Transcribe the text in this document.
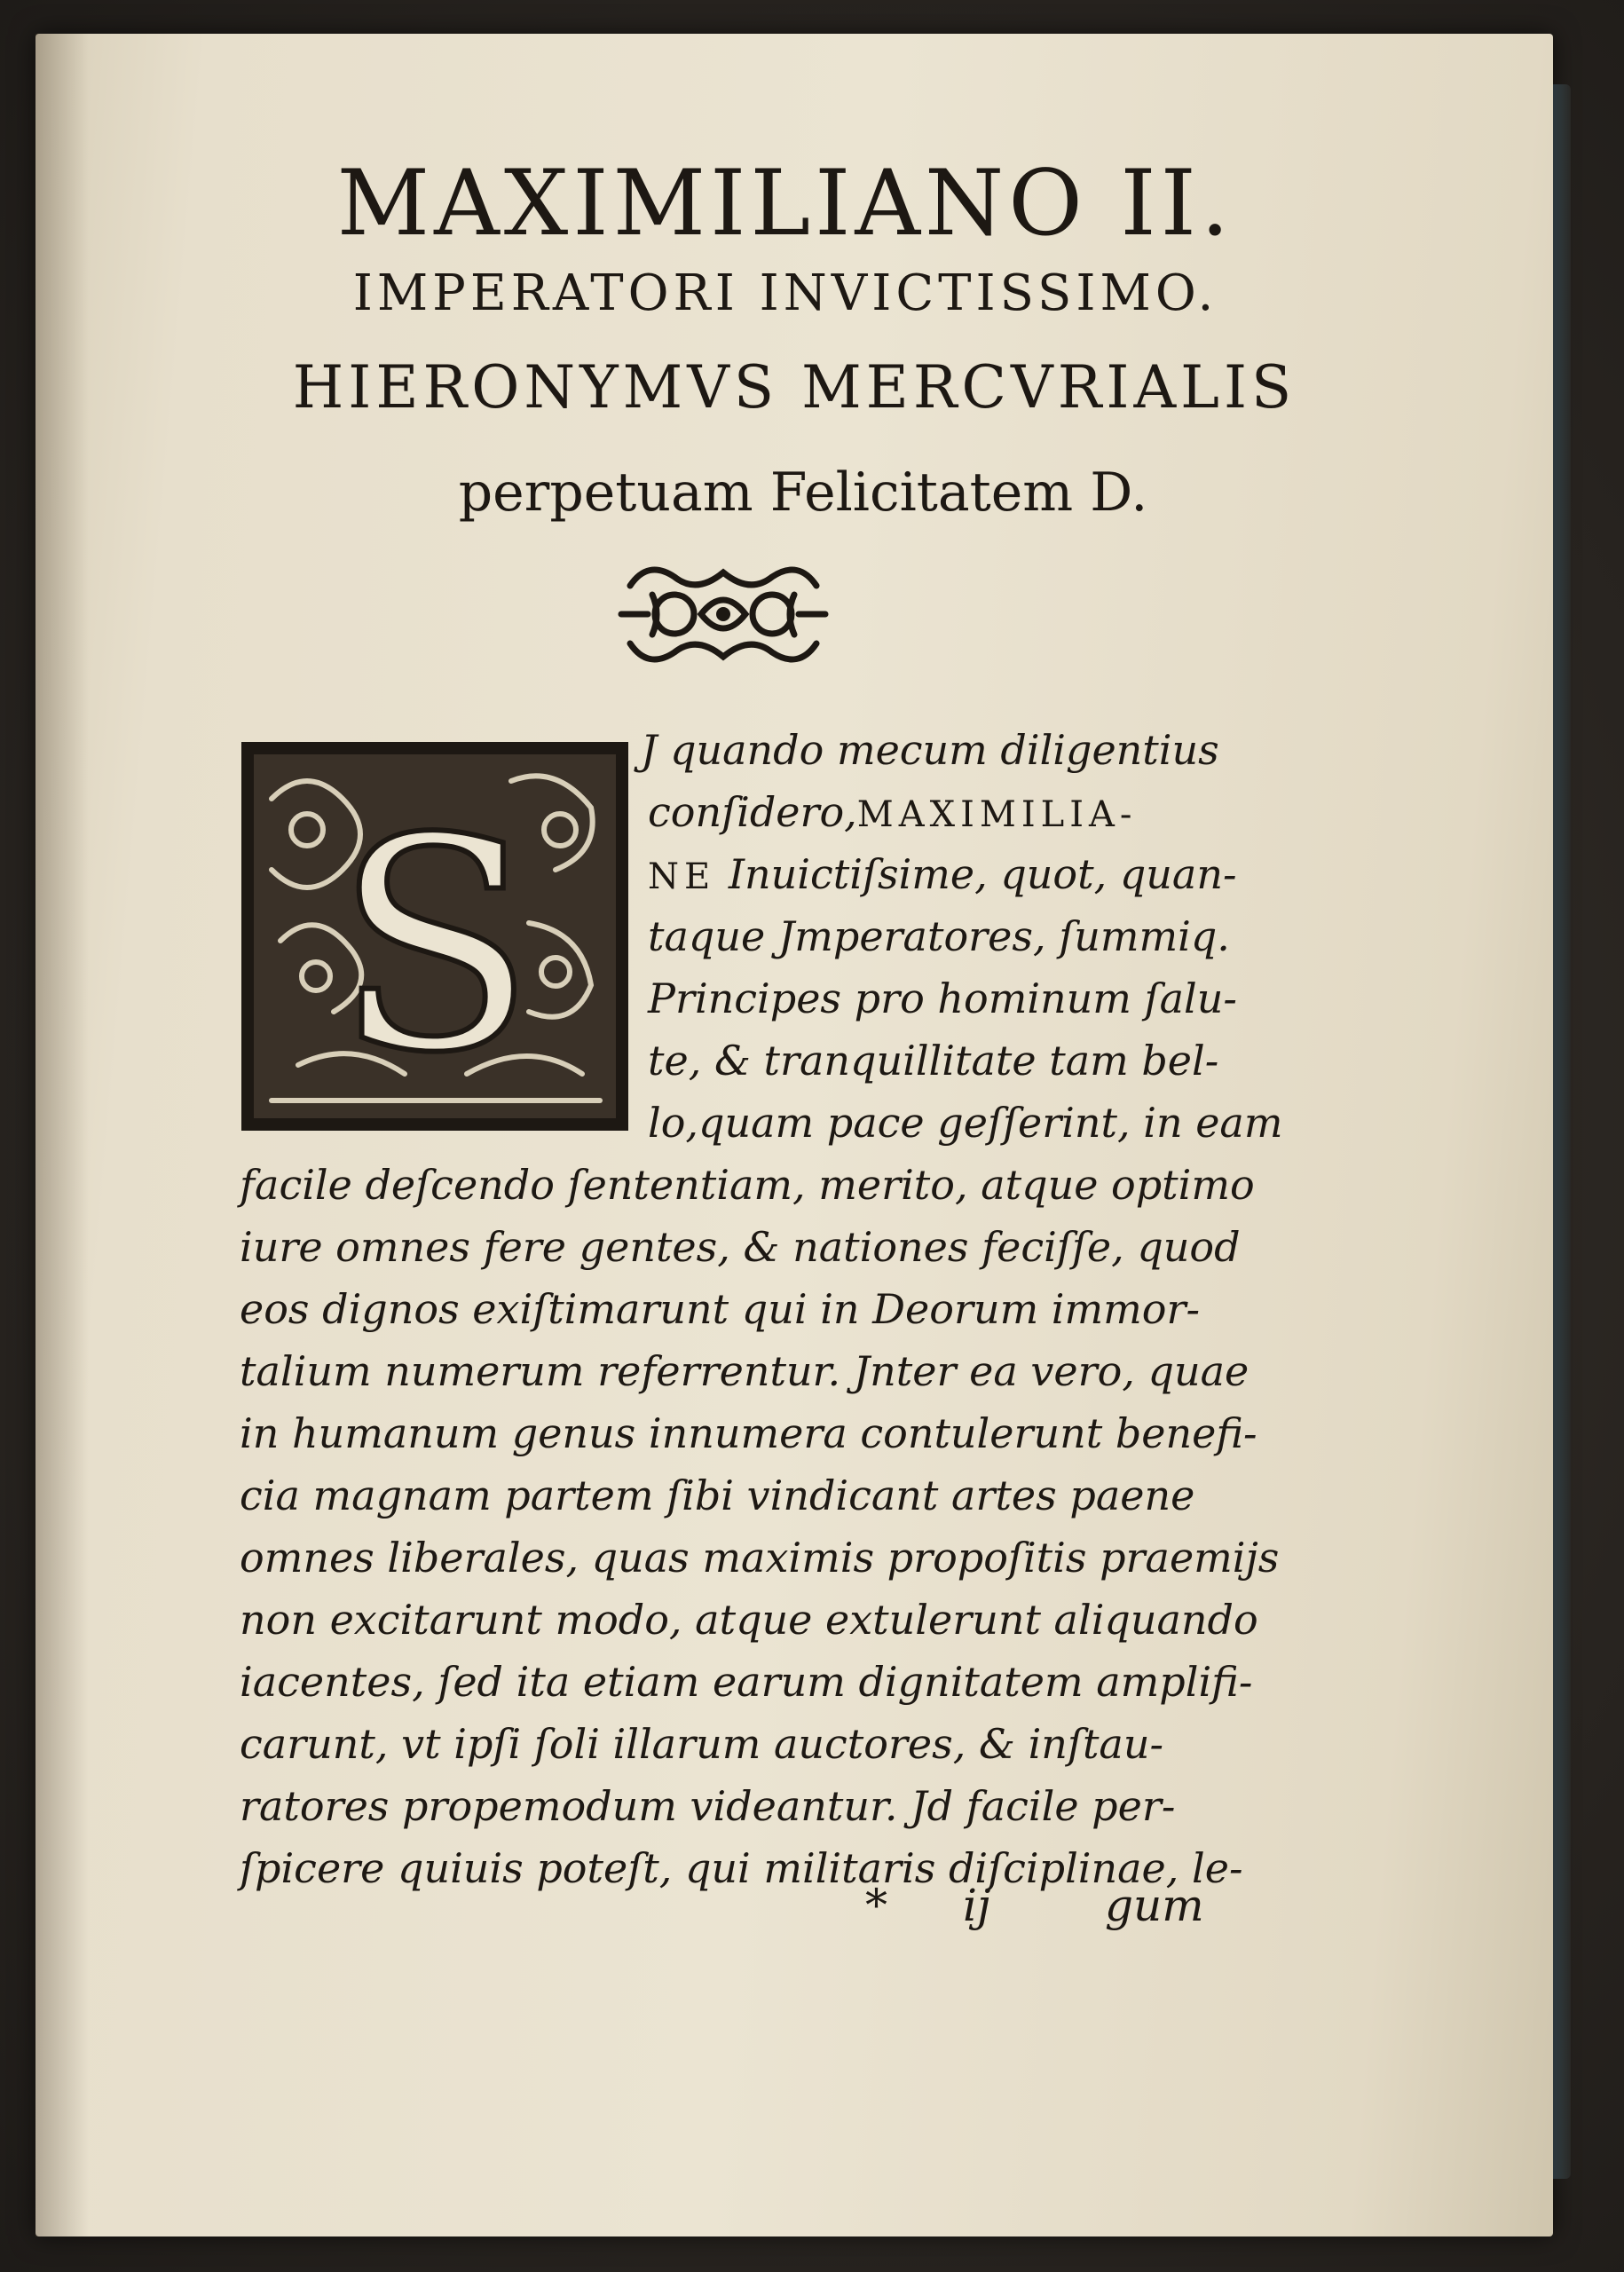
MAXIMILIANO II.
IMPERATORI INVICTISSIMO.
HIERONYMVS MERCVRIALIS
perpetuam Felicitatem D.
S
J quando mecum diligentius
conſidero,MAXIMILIA-
NE Inuictiſsime, quot, quan-
taque Jmperatores, ſummiq.
Principes pro hominum ſalu-
te, & tranquillitate tam bel-
lo,quam pace geſſerint, in eam
facile deſcendo ſententiam, merito, atque optimo
iure omnes fere gentes, & nationes feciſſe, quod
eos dignos exiſtimarunt qui in Deorum immor-
talium numerum referrentur. Jnter ea vero, quae
in humanum genus innumera contulerunt benefi-
cia magnam partem ſibi vindicant artes paene
omnes liberales, quas maximis propoſitis praemijs
non excitarunt modo, atque extulerunt aliquando
iacentes, ſed ita etiam earum dignitatem amplifi-
carunt, vt ipſi ſoli illarum auctores, & inſtau-
ratores propemodum videantur. Jd facile per-
ſpicere quiuis poteſt, qui militaris diſciplinae, le-
* ij	gum
